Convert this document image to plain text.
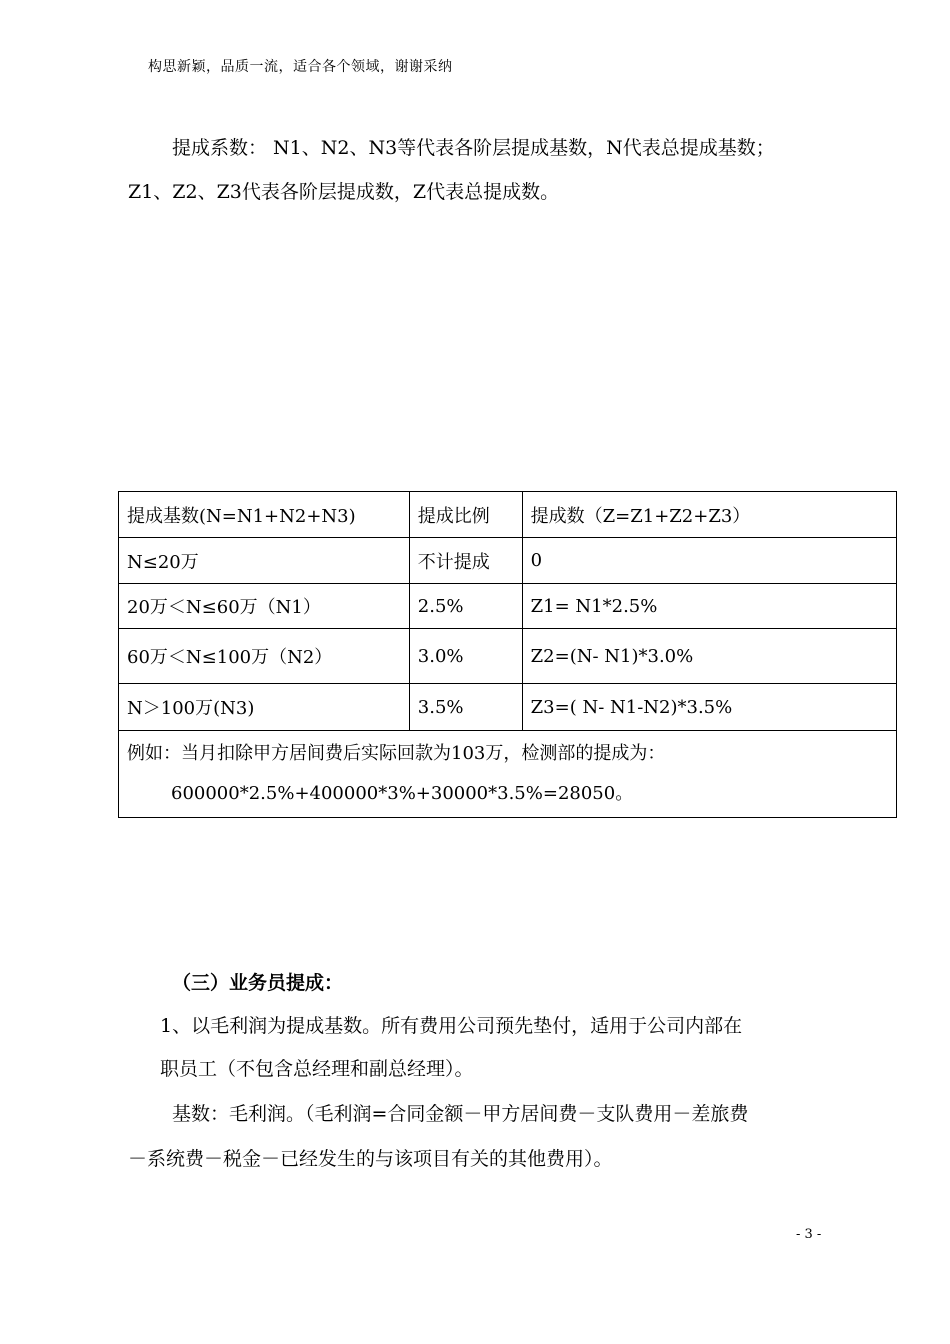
构思新颖，品质一流，适合各个领域，谢谢采纳
提成系数： N1、N2、N3等代表各阶层提成基数，N代表总提成基数；
Z1、Z2、Z3代表各阶层提成数，Z代表总提成数。
提成基数(N=N1+N2+N3)	提成比例	提成数（Z=Z1+Z2+Z3）
N≤20万	不计提成	0
20万＜N≤60万（N1）	2.5%	Z1= N1*2.5%
60万＜N≤100万（N2）	3.0%	Z2=(N- N1)*3.0%
N＞100万(N3)	3.5%	Z3=( N- N1-N2)*3.5%

例如：当月扣除甲方居间费后实际回款为103万，检测部的提成为：
600000*2.5%+400000*3%+30000*3.5%=28050。		
（三）业务员提成：
1、以毛利润为提成基数。所有费用公司预先垫付，适用于公司内部在
职员工（不包含总经理和副总经理）。
基数：毛利润。（毛利润=合同金额－甲方居间费－支队费用－差旅费
－系统费－税金－已经发生的与该项目有关的其他费用）。
- 3 -
